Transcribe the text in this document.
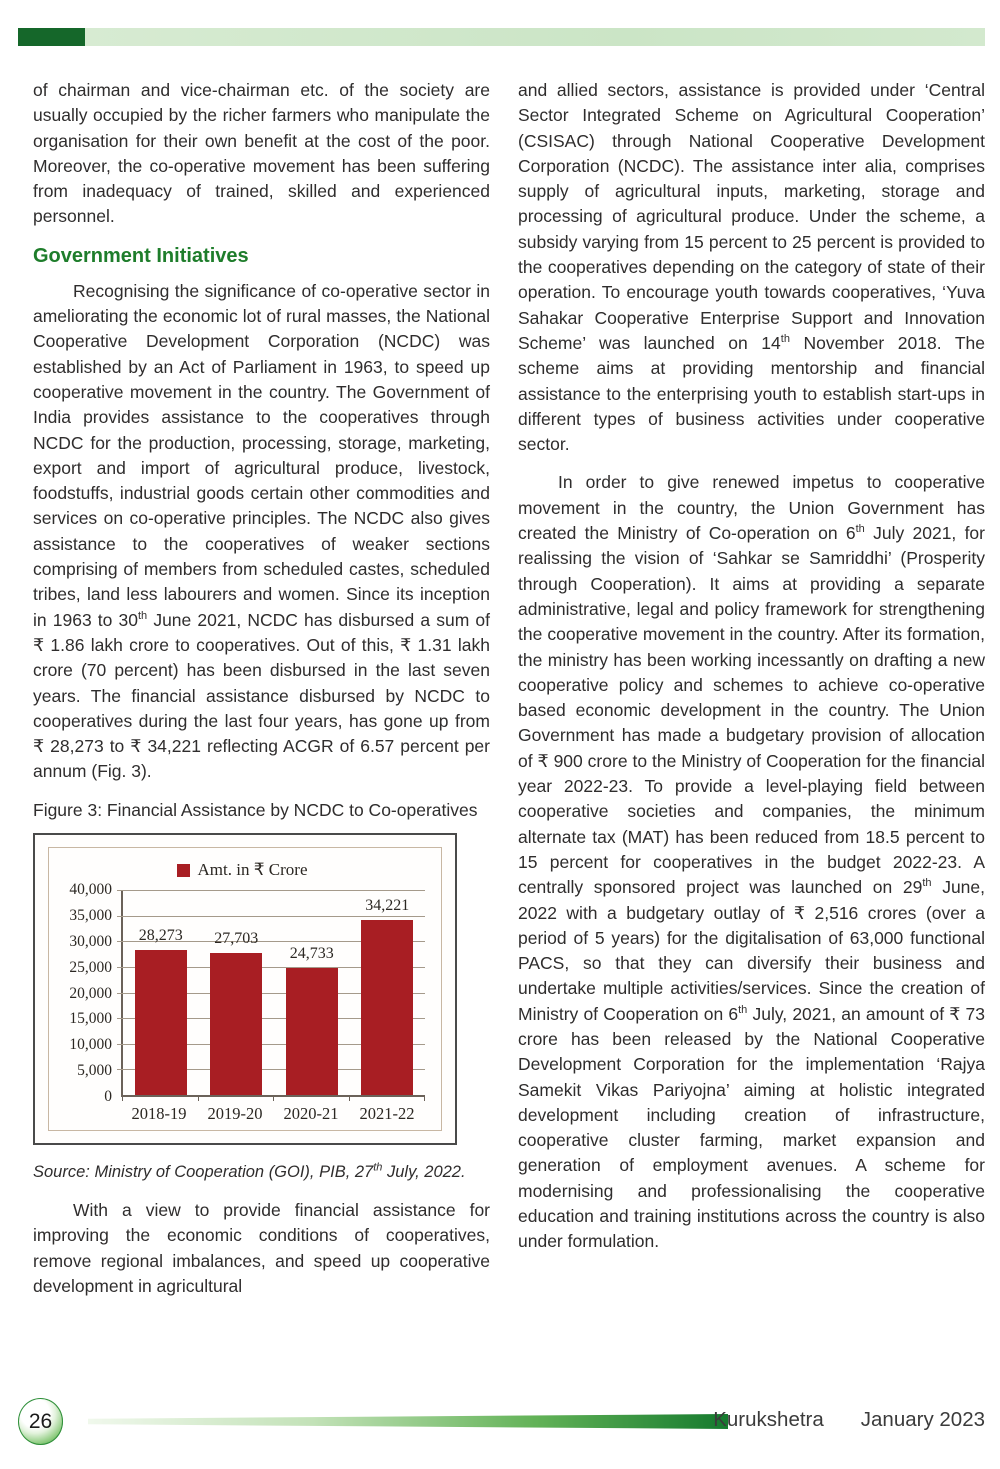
of chairman and vice-chairman etc. of the society are usually occupied by the richer farmers who manipulate the organisation for their own benefit at the cost of the poor. Moreover, the co-operative movement has been suffering from inadequacy of trained, skilled and experienced personnel.

Government Initiatives

Recognising the significance of co-operative sector in ameliorating the economic lot of rural masses, the National Cooperative Development Corporation (NCDC) was established by an Act of Parliament in 1963, to speed up cooperative movement in the country. The Government of India provides assistance to the cooperatives through NCDC for the production, processing, storage, marketing, export and import of agricultural produce, livestock, foodstuffs, industrial goods certain other commodities and services on co-operative principles. The NCDC also gives assistance to the cooperatives of weaker sections comprising of members from scheduled castes, scheduled tribes, land less labourers and women. Since its inception in 1963 to 30th June 2021, NCDC has disbursed a sum of ₹ 1.86 lakh crore to cooperatives. Out of this, ₹ 1.31 lakh crore (70 percent) has been disbursed in the last seven years. The financial assistance disbursed by NCDC to cooperatives during the last four years, has gone up from ₹ 28,273 to ₹ 34,221 reflecting ACGR of 6.57 percent per annum (Fig. 3).

Figure 3: Financial Assistance by NCDC to Co-operatives

Amt. in ₹ Crore
40,000
35,000
30,000
25,000
20,000
15,000
10,000
5,000
0
28,273	27,703
24,733
34,221
2018-19	2019-20	2020-21	2021-22

Source: Ministry of Cooperation (GOI), PIB, 27th July, 2022.

With a view to provide financial assistance for improving the economic conditions of cooperatives, remove regional imbalances, and speed up cooperative development in agricultural

and allied sectors, assistance is provided under ‘Central Sector Integrated Scheme on Agricultural Cooperation’ (CSISAC) through National Cooperative Development Corporation (NCDC). The assistance inter alia, comprises supply of agricultural inputs, marketing, storage and processing of agricultural produce. Under the scheme, a subsidy varying from 15 percent to 25 percent is provided to the cooperatives depending on the category of state of their operation. To encourage youth towards cooperatives, ‘Yuva Sahakar Cooperative Enterprise Support and Innovation Scheme’ was launched on 14th November 2018. The scheme aims at providing mentorship and financial assistance to the enterprising youth to establish start-ups in different types of business activities under cooperative sector.

In order to give renewed impetus to cooperative movement in the country, the Union Government has created the Ministry of Co-operation on 6th July 2021, for realissing the vision of ‘Sahkar se Samriddhi’ (Prosperity through Cooperation). It aims at providing a separate administrative, legal and policy framework for strengthening the cooperative movement in the country. After its formation, the ministry has been working incessantly on drafting a new cooperative policy and schemes to achieve co-operative based economic development in the country. The Union Government has made a budgetary provision of allocation of ₹ 900 crore to the Ministry of Cooperation for the financial year 2022-23. To provide a level-playing field between cooperative societies and companies, the minimum alternate tax (MAT) has been reduced from 18.5 percent to 15 percent for cooperatives in the budget 2022-23. A centrally sponsored project was launched on 29th June, 2022 with a budgetary outlay of ₹ 2,516 crores (over a period of 5 years) for the digitalisation of 63,000 functional PACS, so that they can diversify their business and undertake multiple activities/services. Since the creation of Ministry of Cooperation on 6th July, 2021, an amount of ₹ 73 crore has been released by the National Cooperative Development Corporation for the implementation ‘Rajya Samekit Vikas Pariyojna’ aiming at holistic integrated development including creation of infrastructure, cooperative cluster farming, market expansion and generation of employment avenues. A scheme for modernising and professionalising the cooperative education and training institutions across the country is also under formulation.

26	Kurukshetra January 2023
